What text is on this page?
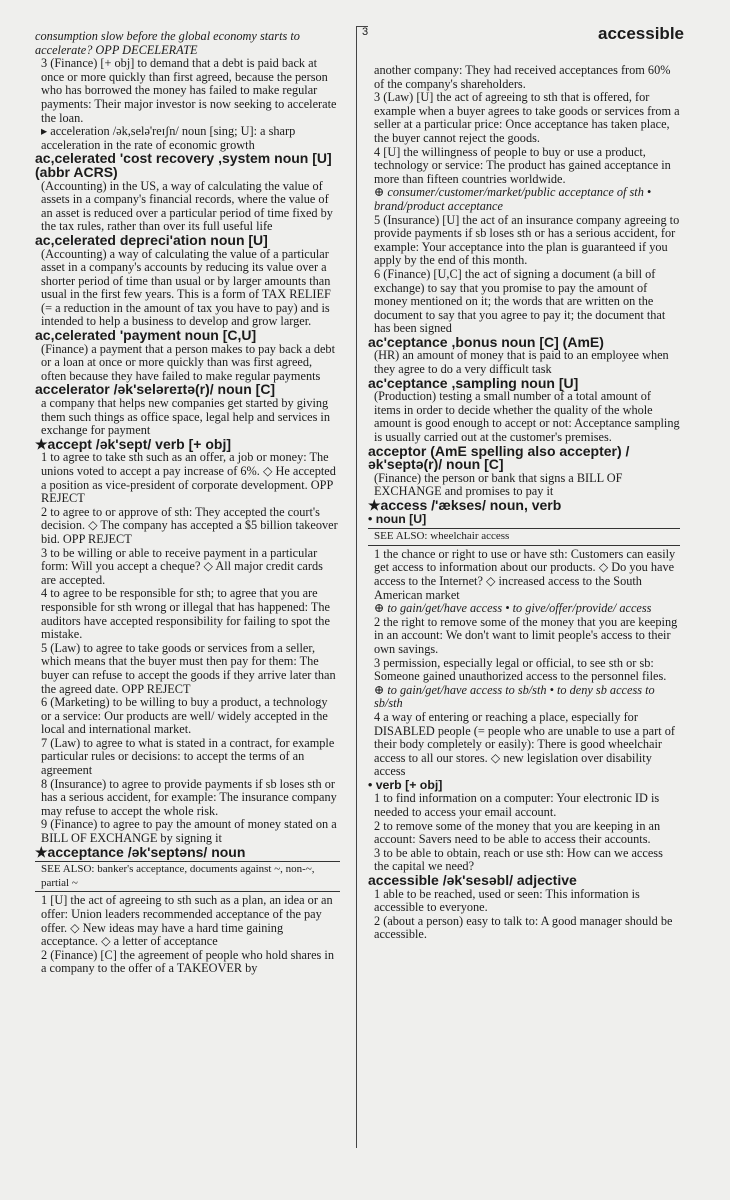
3	accessible

consumption slow before the global economy starts to accelerate? OPP DECELERATE

3 (Finance) [+ obj] to demand that a debt is paid back at once or more quickly than first agreed, because the person who has borrowed the money has failed to make regular payments: Their major investor is now seeking to accelerate the loan.

▸ acceleration /ək,selə'reɪʃn/ noun [sing; U]: a sharp acceleration in the rate of economic growth

ac,celerated 'cost recovery ,system noun [U] (abbr ACRS)

(Accounting) in the US, a way of calculating the value of assets in a company's financial records, where the value of an asset is reduced over a particular period of time fixed by the tax rules, rather than over its full useful life

ac,celerated depreci'ation noun [U]

(Accounting) a way of calculating the value of a particular asset in a company's accounts by reducing its value over a shorter period of time than usual or by larger amounts than usual in the first few years. This is a form of TAX RELIEF (= a reduction in the amount of tax you have to pay) and is intended to help a business to develop and grow larger.

ac,celerated 'payment noun [C,U]

(Finance) a payment that a person makes to pay back a debt or a loan at once or more quickly than was first agreed, often because they have failed to make regular payments

accelerator /ək'seləreɪtə(r)/ noun [C]

a company that helps new companies get started by giving them such things as office space, legal help and services in exchange for payment

★accept /ək'sept/ verb [+ obj]

1 to agree to take sth such as an offer, a job or money: The unions voted to accept a pay increase of 6%. ◇ He accepted a position as vice-president of corporate development. OPP REJECT

2 to agree to or approve of sth: They accepted the court's decision. ◇ The company has accepted a $5 billion takeover bid. OPP REJECT

3 to be willing or able to receive payment in a particular form: Will you accept a cheque? ◇ All major credit cards are accepted.

4 to agree to be responsible for sth; to agree that you are responsible for sth wrong or illegal that has happened: The auditors have accepted responsibility for failing to spot the mistake.

5 (Law) to agree to take goods or services from a seller, which means that the buyer must then pay for them: The buyer can refuse to accept the goods if they arrive later than the agreed date. OPP REJECT

6 (Marketing) to be willing to buy a product, a technology or a service: Our products are well/ widely accepted in the local and international market.

7 (Law) to agree to what is stated in a contract, for example particular rules or decisions: to accept the terms of an agreement

8 (Insurance) to agree to provide payments if sb loses sth or has a serious accident, for example: The insurance company may refuse to accept the whole risk.

9 (Finance) to agree to pay the amount of money stated on a BILL OF EXCHANGE by signing it

★acceptance /ək'septəns/ noun

SEE ALSO: banker's acceptance, documents against ~, non-~, partial ~

1 [U] the act of agreeing to sth such as a plan, an idea or an offer: Union leaders recommended acceptance of the pay offer. ◇ New ideas may have a hard time gaining acceptance. ◇ a letter of acceptance

2 (Finance) [C] the agreement of people who hold shares in a company to the offer of a TAKEOVER by

another company: They had received acceptances from 60% of the company's shareholders.

3 (Law) [U] the act of agreeing to sth that is offered, for example when a buyer agrees to take goods or services from a seller at a particular price: Once acceptance has taken place, the buyer cannot reject the goods.

4 [U] the willingness of people to buy or use a product, technology or service: The product has gained acceptance in more than fifteen countries worldwide.

⊕ consumer/customer/market/public acceptance of sth • brand/product acceptance

5 (Insurance) [U] the act of an insurance company agreeing to provide payments if sb loses sth or has a serious accident, for example: Your acceptance into the plan is guaranteed if you apply by the end of this month.

6 (Finance) [U,C] the act of signing a document (a bill of exchange) to say that you promise to pay the amount of money mentioned on it; the words that are written on the document to say that you agree to pay it; the document that has been signed

ac'ceptance ,bonus noun [C] (AmE)

(HR) an amount of money that is paid to an employee when they agree to do a very difficult task

ac'ceptance ,sampling noun [U]

(Production) testing a small number of a total amount of items in order to decide whether the quality of the whole amount is good enough to accept or not: Acceptance sampling is usually carried out at the customer's premises.

acceptor (AmE spelling also accepter) /ək'septə(r)/ noun [C]

(Finance) the person or bank that signs a BILL OF EXCHANGE and promises to pay it

★access /'ækses/ noun, verb

• noun [U]

SEE ALSO: wheelchair access

1 the chance or right to use or have sth: Customers can easily get access to information about our products. ◇ Do you have access to the Internet? ◇ increased access to the South American market

⊕ to gain/get/have access • to give/offer/provide/ access

2 the right to remove some of the money that you are keeping in an account: We don't want to limit people's access to their own savings.

3 permission, especially legal or official, to see sth or sb: Someone gained unauthorized access to the personnel files.

⊕ to gain/get/have access to sb/sth • to deny sb access to sb/sth

4 a way of entering or reaching a place, especially for DISABLED people (= people who are unable to use a part of their body completely or easily): There is good wheelchair access to all our stores. ◇ new legislation over disability access

• verb [+ obj]

1 to find information on a computer: Your electronic ID is needed to access your email account.

2 to remove some of the money that you are keeping in an account: Savers need to be able to access their accounts.

3 to be able to obtain, reach or use sth: How can we access the capital we need?

accessible /ək'sesəbl/ adjective

1 able to be reached, used or seen: This information is accessible to everyone.

2 (about a person) easy to talk to: A good manager should be accessible.
